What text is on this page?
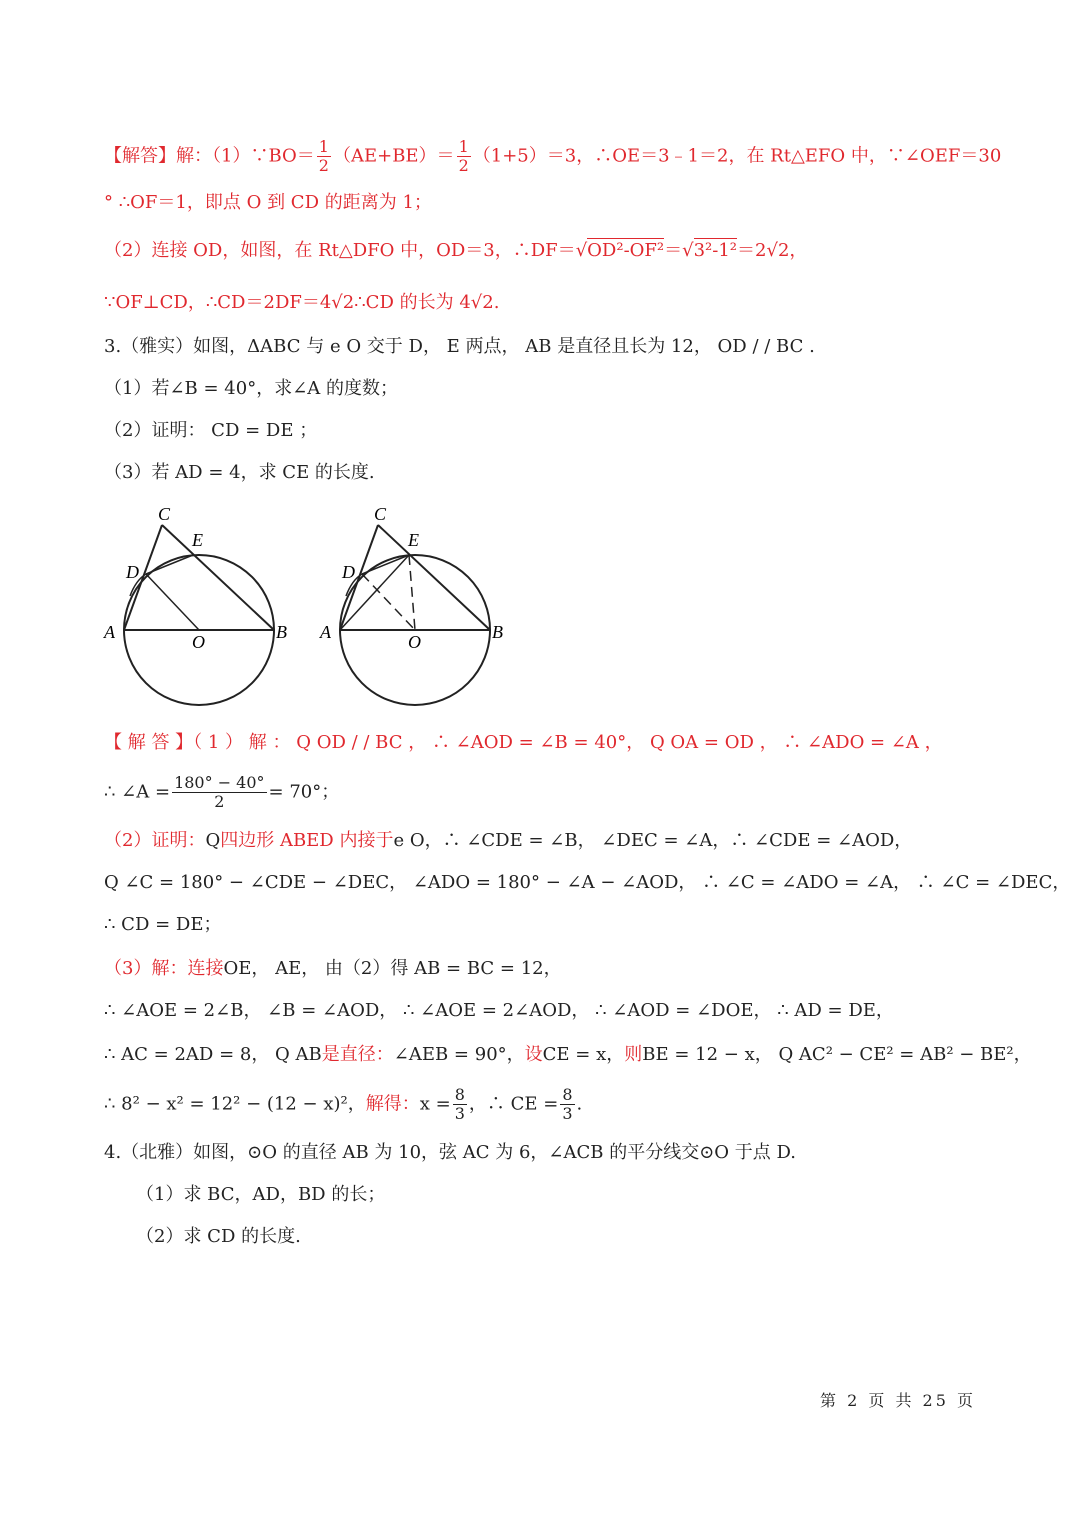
【解答】解：（1）∵BO＝ $\frac{1}{2} (AE+BE)= \frac{1}{2} (1+5)=3$，∴OE＝3﹣1＝2，在 Rt△EFO 中，∵∠OEF＝30
° ∴OF＝1，即点 O 到 CD 的距离为 1；
（2）连接 OD，如图，在 Rt△DFO 中，OD＝3，∴DF＝√OD²-OF²＝√3²-1²＝2√2，
∵OF⊥CD，∴CD＝2DF＝4√2∴CD 的长为 4√2.
3.（雅实）如图，ΔABC 与 e O 交于 D， E 两点， AB 是直径且长为 12， OD / / BC .
（1）若∠B = 40°，求∠A 的度数；
（2）证明： CD = DE ；
（3）若 AD = 4，求 CE 的长度.
C
E
D
A	O	B
C
E
D
A	O	B
【 解 答 】（ 1 ） 解 ： Q OD / / BC ， ∴ ∠AOD = ∠B = 40°， Q OA = OD ， ∴ ∠ADO = ∠A ，
∴ ∠A = $\frac{180^\circ - 40^\circ}{2} = 70^\circ$；
（2）证明：Q四边形 ABED 内接于e O，∴ ∠CDE = ∠B， ∠DEC = ∠A，∴ ∠CDE = ∠AOD，
Q ∠C = 180° − ∠CDE − ∠DEC， ∠ADO = 180° − ∠A − ∠AOD， ∴ ∠C = ∠ADO = ∠A， ∴ ∠C = ∠DEC，
∴ CD = DE；
（3）解：连接OE， AE， 由（2）得 AB = BC = 12，
∴ ∠AOE = 2∠B， ∠B = ∠AOD， ∴ ∠AOE = 2∠AOD， ∴ ∠AOD = ∠DOE， ∴ AD = DE，
∴ AC = 2AD = 8， Q AB是直径：∠AEB = 90°，设CE = x，则BE = 12 − x， Q AC² − CE² = AB² − BE²，
∴ 8² − x² = 12² − (12 − x)²，解得：$x = \frac{8}{3}$ ，∴ CE = $\frac{8}{3}$ .
4.（北雅）如图，⊙O 的直径 AB 为 10，弦 AC 为 6，∠ACB 的平分线交⊙O 于点 D.
（1）求 BC，AD，BD 的长；
（2）求 CD 的长度.
第 2 页 共 25 页
